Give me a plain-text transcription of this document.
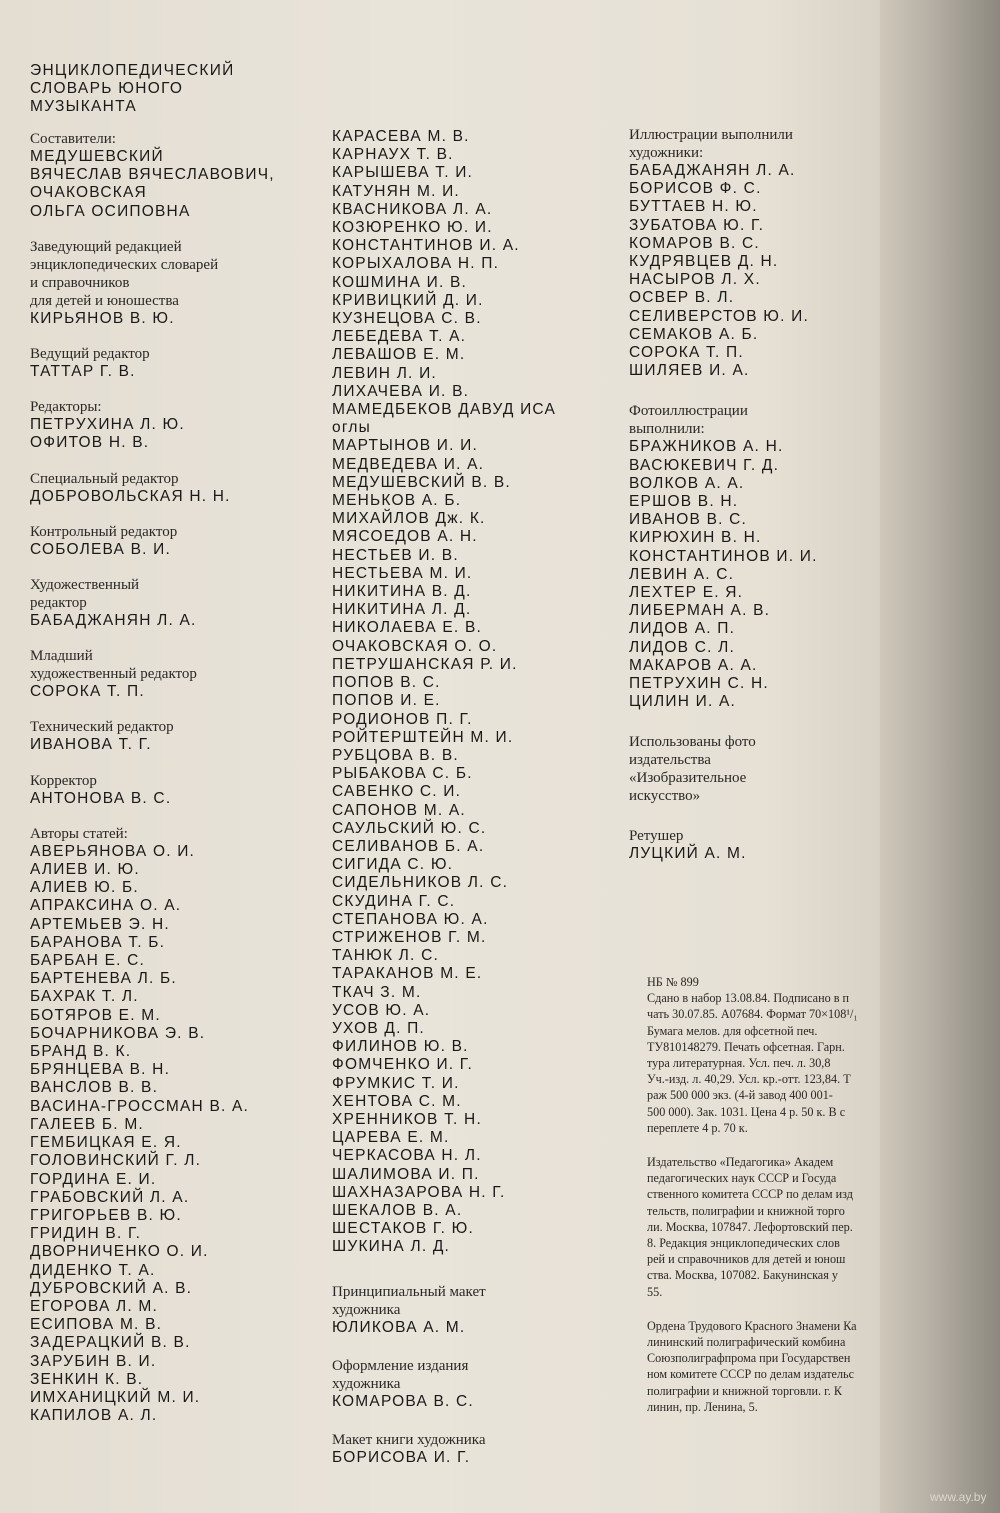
ЭНЦИКЛОПЕДИЧЕСКИЙ
СЛОВАРЬ ЮНОГО
МУЗЫКАНТА
Составители:
МЕДУШЕВСКИЙ
ВЯЧЕСЛАВ ВЯЧЕСЛАВОВИЧ,
ОЧАКОВСКАЯ
ОЛЬГА ОСИПОВНА
Заведующий редакцией
энциклопедических словарей
и справочников
для детей и юношества
КИРЬЯНОВ В. Ю.
Ведущий редактор
ТАТТАР Г. В.
Редакторы:
ПЕТРУХИНА Л. Ю.
ОФИТОВ Н. В.
Специальный редактор
ДОБРОВОЛЬСКАЯ Н. Н.
Контрольный редактор
СОБОЛЕВА В. И.
Художественный
редактор
БАБАДЖАНЯН Л. А.
Младший
художественный редактор
СОРОКА Т. П.
Технический редактор
ИВАНОВА Т. Г.
Корректор
АНТОНОВА В. С.
Авторы статей:
АВЕРЬЯНОВА О. И.
АЛИЕВ И. Ю.
АЛИЕВ Ю. Б.
АПРАКСИНА О. А.
АРТЕМЬЕВ Э. Н.
БАРАНОВА Т. Б.
БАРБАН Е. С.
БАРТЕНЕВА Л. Б.
БАХРАК Т. Л.
БОТЯРОВ Е. М.
БОЧАРНИКОВА Э. В.
БРАНД В. К.
БРЯНЦЕВА В. Н.
ВАНСЛОВ В. В.
ВАСИНА-ГРОССМАН В. А.
ГАЛЕЕВ Б. М.
ГЕМБИЦКАЯ Е. Я.
ГОЛОВИНСКИЙ Г. Л.
ГОРДИНА Е. И.
ГРАБОВСКИЙ Л. А.
ГРИГОРЬЕВ В. Ю.
ГРИДИН В. Г.
ДВОРНИЧЕНКО О. И.
ДИДЕНКО Т. А.
ДУБРОВСКИЙ А. В.
ЕГОРОВА Л. М.
ЕСИПОВА М. В.
ЗАДЕРАЦКИЙ В. В.
ЗАРУБИН В. И.
ЗЕНКИН К. В.
ИМХАНИЦКИЙ М. И.
КАПИЛОВ А. Л.
КАРАСЕВА М. В.
КАРНАУХ Т. В.
КАРЫШЕВА Т. И.
КАТУНЯН М. И.
КВАСНИКОВА Л. А.
КОЗЮРЕНКО Ю. И.
КОНСТАНТИНОВ И. А.
КОРЫХАЛОВА Н. П.
КОШМИНА И. В.
КРИВИЦКИЙ Д. И.
КУЗНЕЦОВА С. В.
ЛЕБЕДЕВА Т. А.
ЛЕВАШОВ Е. М.
ЛЕВИН Л. И.
ЛИХАЧЕВА И. В.
МАМЕДБЕКОВ ДАВУД ИСА
оглы
МАРТЫНОВ И. И.
МЕДВЕДЕВА И. А.
МЕДУШЕВСКИЙ В. В.
МЕНЬКОВ А. Б.
МИХАЙЛОВ Дж. К.
МЯСОЕДОВ А. Н.
НЕСТЬЕВ И. В.
НЕСТЬЕВА М. И.
НИКИТИНА В. Д.
НИКИТИНА Л. Д.
НИКОЛАЕВА Е. В.
ОЧАКОВСКАЯ О. О.
ПЕТРУШАНСКАЯ Р. И.
ПОПОВ В. С.
ПОПОВ И. Е.
РОДИОНОВ П. Г.
РОЙТЕРШТЕЙН М. И.
РУБЦОВА В. В.
РЫБАКОВА С. Б.
САВЕНКО С. И.
САПОНОВ М. А.
САУЛЬСКИЙ Ю. С.
СЕЛИВАНОВ Б. А.
СИГИДА С. Ю.
СИДЕЛЬНИКОВ Л. С.
СКУДИНА Г. С.
СТЕПАНОВА Ю. А.
СТРИЖЕНОВ Г. М.
ТАНЮК Л. С.
ТАРАКАНОВ М. Е.
ТКАЧ З. М.
УСОВ Ю. А.
УХОВ Д. П.
ФИЛИНОВ Ю. В.
ФОМЧЕНКО И. Г.
ФРУМКИС Т. И.
ХЕНТОВА С. М.
ХРЕННИКОВ Т. Н.
ЦАРЕВА Е. М.
ЧЕРКАСОВА Н. Л.
ШАЛИМОВА И. П.
ШАХНАЗАРОВА Н. Г.
ШЕКАЛОВ В. А.
ШЕСТАКОВ Г. Ю.
ШУКИНА Л. Д.
Принципиальный макет
художника
ЮЛИКОВА А. М.
Оформление издания
художника
КОМАРОВА В. С.
Макет книги художника
БОРИСОВА И. Г.
Иллюстрации выполнили
художники:
БАБАДЖАНЯН Л. А.
БОРИСОВ Ф. С.
БУТТАЕВ Н. Ю.
ЗУБАТОВА Ю. Г.
КОМАРОВ В. С.
КУДРЯВЦЕВ Д. Н.
НАСЫРОВ Л. Х.
ОСВЕР В. Л.
СЕЛИВЕРСТОВ Ю. И.
СЕМАКОВ А. Б.
СОРОКА Т. П.
ШИЛЯЕВ И. А.
Фотоиллюстрации
выполнили:
БРАЖНИКОВ А. Н.
ВАСЮКЕВИЧ Г. Д.
ВОЛКОВ А. А.
ЕРШОВ В. Н.
ИВАНОВ В. С.
КИРЮХИН В. Н.
КОНСТАНТИНОВ И. И.
ЛЕВИН А. С.
ЛЕХТЕР Е. Я.
ЛИБЕРМАН А. В.
ЛИДОВ А. П.
ЛИДОВ С. Л.
МАКАРОВ А. А.
ПЕТРУХИН С. Н.
ЦИЛИН И. А.
Использованы фото
издательства
«Изобразительное
искусство»
Ретушер
ЛУЦКИЙ А. М.
НБ № 899
Сдано в набор 13.08.84. Подписано в п
чать 30.07.85. А07684. Формат 70×108¹/₁
Бумага мелов. для офсетной печ.
ТУ810148279. Печать офсетная. Гарн.
тура литературная. Усл. печ. л. 30,8
Уч.-изд. л. 40,29. Усл. кр.-отт. 123,84. Т
раж 500 000 экз. (4-й завод 400 001-
500 000). Зак. 1031. Цена 4 р. 50 к. В с
переплете 4 р. 70 к.
Издательство «Педагогика» Академ
педагогических наук СССР и Госуда
ственного комитета СССР по делам изд
тельств, полиграфии и книжной торго
ли. Москва, 107847. Лефортовский пер.
8. Редакция энциклопедических слов
рей и справочников для детей и юнош
ства. Москва, 107082. Бакунинская у
55.
Ордена Трудового Красного Знамени Ка
лининский полиграфический комбина
Союзполиграфпрома при Государствен
ном комитете СССР по делам издательс
полиграфии и книжной торговли. г. К
линин, пр. Ленина, 5.
www.ay.by
